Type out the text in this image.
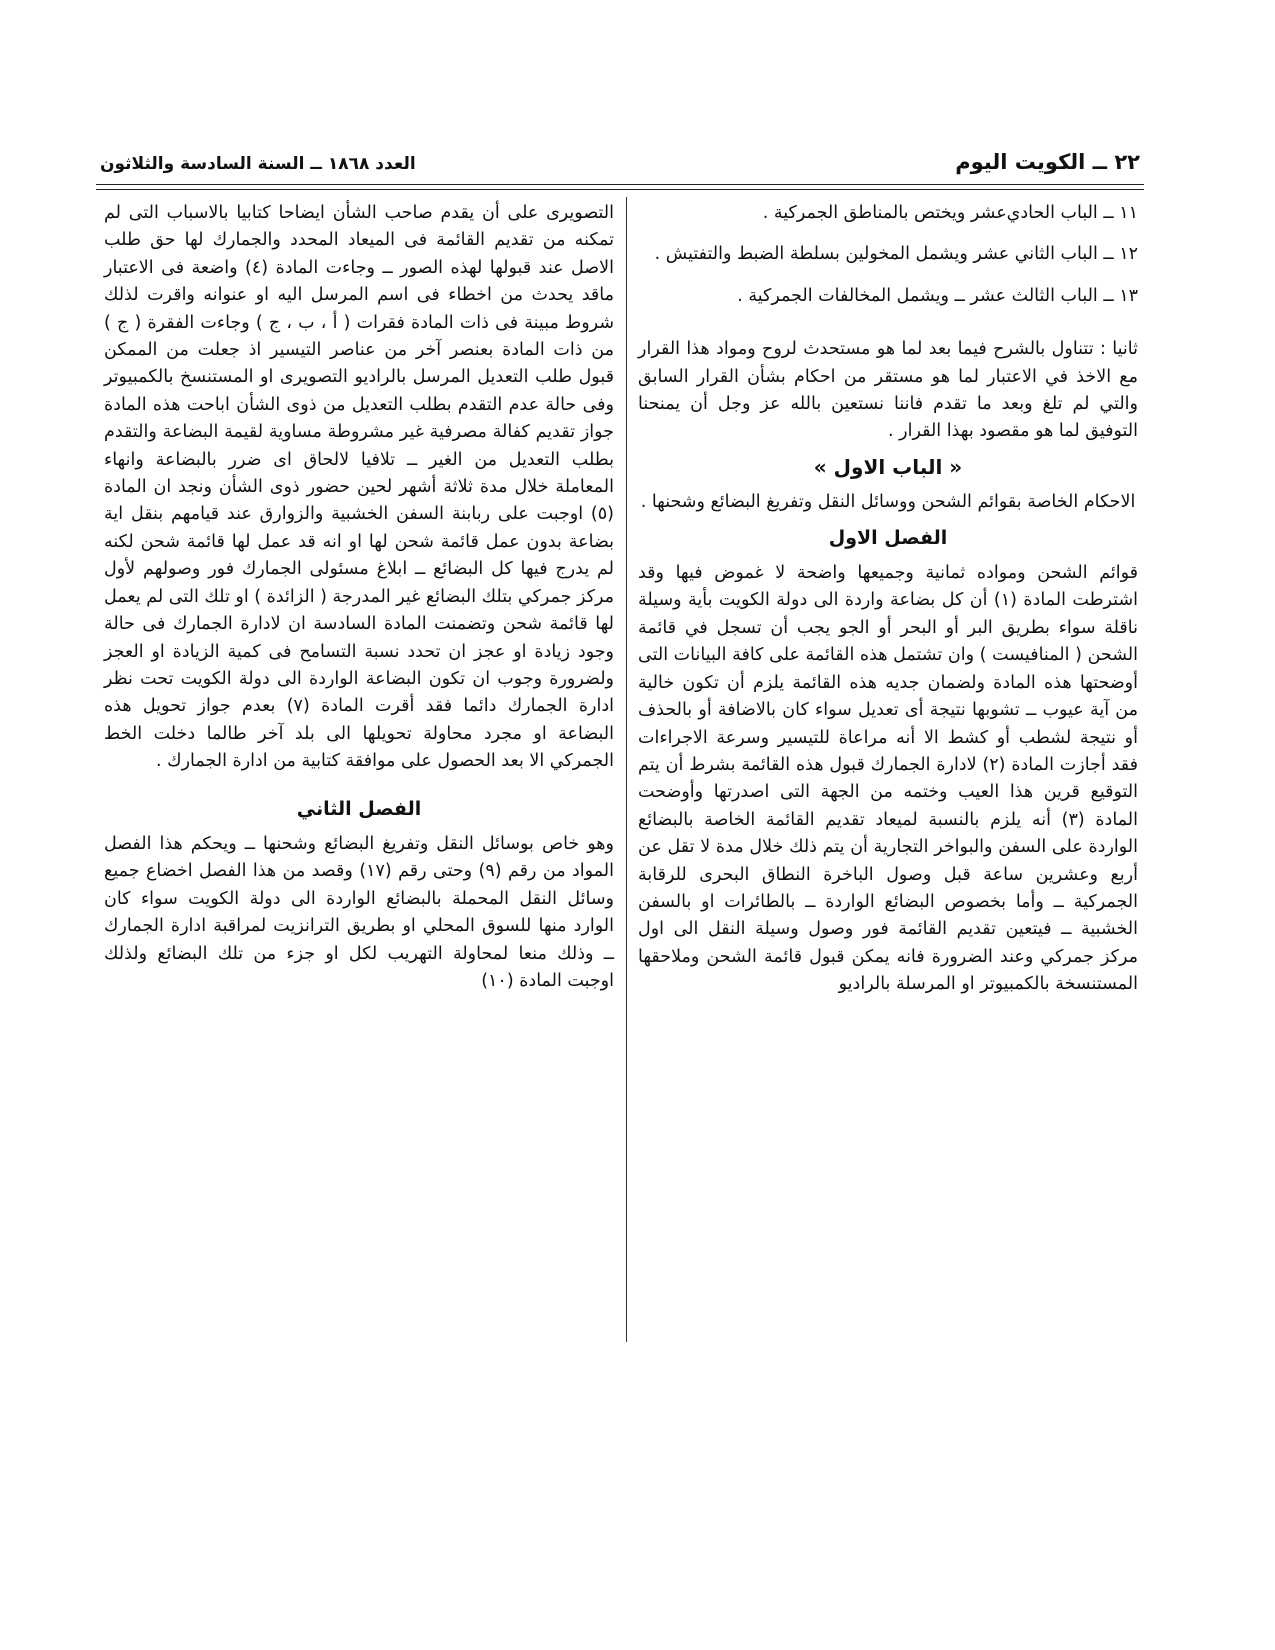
٢٢ ــ الكويت اليوم
العدد ١٨٦٨ ــ السنة السادسة والثلاثون

١١ ــ الباب الحادي‌عشر ويختص بالمناطق الجمركية .

١٢ ــ الباب الثاني عشر ويشمل المخولين بسلطة الضبط والتفتيش .

١٣ ــ الباب الثالث عشر ــ ويشمل المخالفات الجمركية .

ثانيا : تتناول بالشرح فيما بعد لما هو مستحدث لروح ومواد هذا القرار مع الاخذ في الاعتبار لما هو مستقر من احكام بشأن القرار السابق والتي لم تلغ وبعد ما تقدم فاننا نستعين بالله عز وجل أن يمنحنا التوفيق لما هو مقصود بهذا القرار .

« الباب الاول »

الاحكام الخاصة بقوائم الشحن ووسائل النقل وتفريغ البضائع وشحنها .

الفصل الاول

قوائم الشحن ومواده ثمانية وجميعها واضحة لا غموض فيها وقد اشترطت المادة (١) أن كل بضاعة واردة الى دولة الكويت بأية وسيلة ناقلة سواء بطريق البر أو البحر أو الجو يجب أن تسجل في قائمة الشحن ( المنافيست ) وان تشتمل هذه القائمة على كافة البيانات التى أوضحتها هذه المادة ولضمان جديه هذه القائمة يلزم أن تكون خالية من آية عيوب ــ تشوبها نتيجة أى تعديل سواء كان بالاضافة أو بالحذف أو نتيجة لشطب أو كشط الا أنه مراعاة للتيسير وسرعة الاجراءات فقد أجازت المادة (٢) لادارة الجمارك قبول هذه القائمة بشرط أن يتم التوقيع قرين هذا العيب وختمه من الجهة التى اصدرتها وأوضحت المادة (٣) أنه يلزم بالنسبة لميعاد تقديم القائمة الخاصة بالبضائع الواردة على السفن والبواخر التجارية أن يتم ذلك خلال مدة لا تقل عن أربع وعشرين ساعة قبل وصول الباخرة النطاق البحرى للرقابة الجمركية ــ وأما بخصوص البضائع الواردة ــ بالطائرات او بالسفن الخشبية ــ فيتعين تقديم القائمة فور وصول وسيلة النقل الى اول مركز جمركي وعند الضرورة فانه يمكن قبول قائمة الشحن وملاحقها المستنسخة بالكمبيوتر او المرسلة بالراديو

التصويرى على أن يقدم صاحب الشأن ايضاحا كتابيا بالاسباب التى لم تمكنه من تقديم القائمة فى الميعاد المحدد والجمارك لها حق طلب الاصل عند قبولها لهذه الصور ــ وجاءت المادة (٤) واضعة فى الاعتبار ماقد يحدث من اخطاء فى اسم المرسل اليه او عنوانه واقرت لذلك شروط مبينة فى ذات المادة فقرات ( أ ، ب ، ج ) وجاءت الفقرة ( ج ) من ذات المادة بعنصر آخر من عناصر التيسير اذ جعلت من الممكن قبول طلب التعديل المرسل بالراديو التصويرى او المستنسخ بالكمبيوتر وفى حالة عدم التقدم بطلب التعديل من ذوى الشأن اباحت هذه المادة جواز تقديم كفالة مصرفية غير مشروطة مساوية لقيمة البضاعة والتقدم بطلب التعديل من الغير ــ تلافيا لالحاق اى ضرر بالبضاعة وانهاء المعاملة خلال مدة ثلاثة أشهر لحين حضور ذوى الشأن ونجد ان المادة (٥) اوجبت على ربابنة السفن الخشبية والزوارق عند قيامهم بنقل اية بضاعة بدون عمل قائمة شحن لها او انه قد عمل لها قائمة شحن لكنه لم يدرج فيها كل البضائع ــ ابلاغ مسئولى الجمارك فور وصولهم لأول مركز جمركي بتلك البضائع غير المدرجة ( الزائدة ) او تلك التى لم يعمل لها قائمة شحن وتضمنت المادة السادسة ان لادارة الجمارك فى حالة وجود زيادة او عجز ان تحدد نسبة التسامح فى كمية الزيادة او العجز ولضرورة وجوب ان تكون البضاعة الواردة الى دولة الكويت تحت نظر ادارة الجمارك دائما فقد أقرت المادة (٧) بعدم جواز تحويل هذه البضاعة او مجرد محاولة تحويلها الى بلد آخر طالما دخلت الخط الجمركي الا بعد الحصول على موافقة كتابية من ادارة الجمارك .

الفصل الثاني

وهو خاص بوسائل النقل وتفريغ البضائع وشحنها ــ ويحكم هذا الفصل المواد من رقم (٩) وحتى رقم (١٧) وقصد من هذا الفصل اخضاع جميع وسائل النقل المحملة بالبضائع الواردة الى دولة الكويت سواء كان الوارد منها للسوق المحلي او بطريق الترانزيت لمراقبة ادارة الجمارك ــ وذلك منعا لمحاولة التهريب لكل او جزء من تلك البضائع ولذلك اوجبت المادة (١٠)
